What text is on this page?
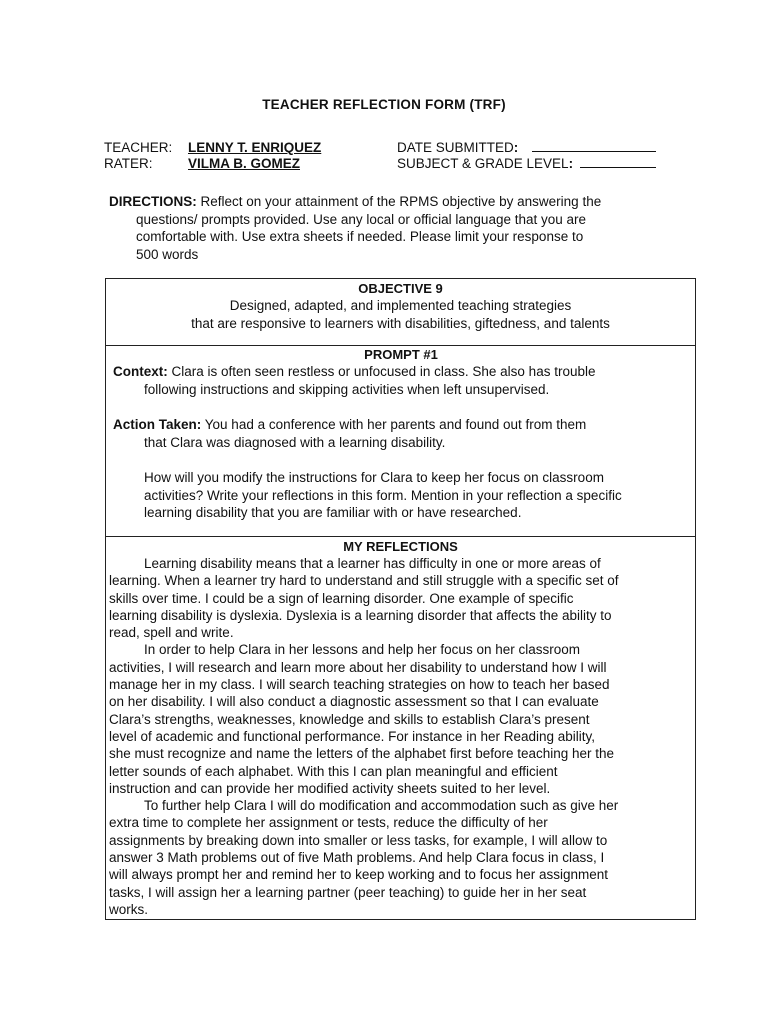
TEACHER REFLECTION FORM (TRF)
TEACHER: LENNY T. ENRIQUEZ
RATER:	VILMA B. GOMEZ
DATE SUBMITTED:
SUBJECT & GRADE LEVEL:
DIRECTIONS: Reflect on your attainment of the RPMS objective by answering the
questions/ prompts provided. Use any local or official language that you are
comfortable with. Use extra sheets if needed. Please limit your response to
500 words
OBJECTIVE 9
Designed, adapted, and implemented teaching strategies
that are responsive to learners with disabilities, giftedness, and talents
PROMPT #1
Context: Clara is often seen restless or unfocused in class. She also has trouble
following instructions and skipping activities when left unsupervised.
Action Taken: You had a conference with her parents and found out from them
that Clara was diagnosed with a learning disability.
How will you modify the instructions for Clara to keep her focus on classroom
activities? Write your reflections in this form. Mention in your reflection a specific
learning disability that you are familiar with or have researched.
MY REFLECTIONS
Learning disability means that a learner has difficulty in one or more areas of
learning. When a learner try hard to understand and still struggle with a specific set of
skills over time. I could be a sign of learning disorder. One example of specific
learning disability is dyslexia. Dyslexia is a learning disorder that affects the ability to
read, spell and write.
In order to help Clara in her lessons and help her focus on her classroom
activities, I will research and learn more about her disability to understand how I will
manage her in my class. I will search teaching strategies on how to teach her based
on her disability. I will also conduct a diagnostic assessment so that I can evaluate
Clara’s strengths, weaknesses, knowledge and skills to establish Clara’s present
level of academic and functional performance. For instance in her Reading ability,
she must recognize and name the letters of the alphabet first before teaching her the
letter sounds of each alphabet. With this I can plan meaningful and efficient
instruction and can provide her modified activity sheets suited to her level.
To further help Clara I will do modification and accommodation such as give her
extra time to complete her assignment or tests, reduce the difficulty of her
assignments by breaking down into smaller or less tasks, for example, I will allow to
answer 3 Math problems out of five Math problems. And help Clara focus in class, I
will always prompt her and remind her to keep working and to focus her assignment
tasks, I will assign her a learning partner (peer teaching) to guide her in her seat
works.
